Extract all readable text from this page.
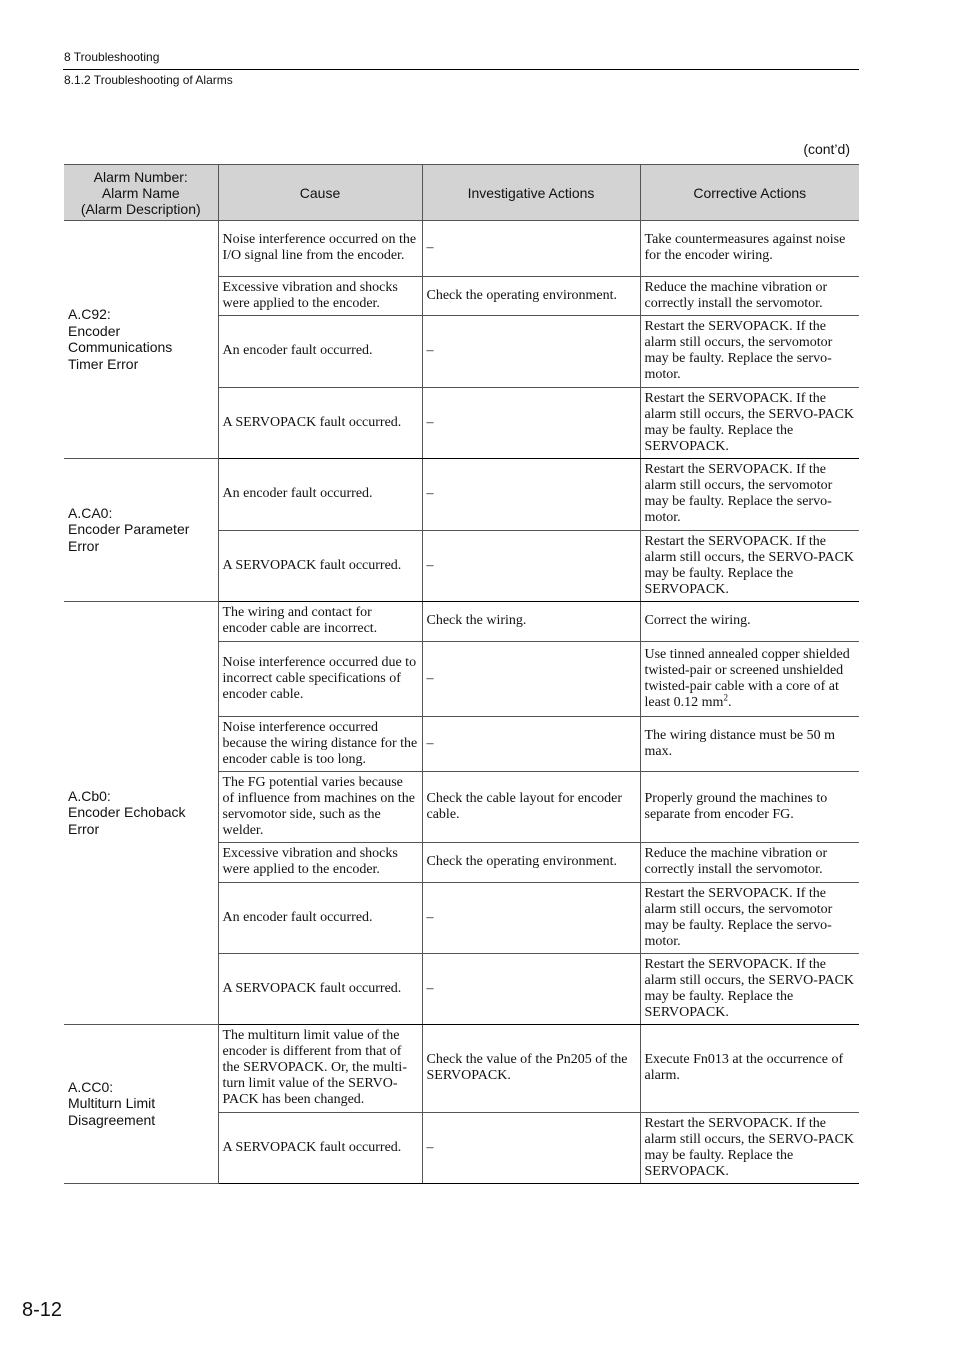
8 Troubleshooting
8.1.2 Troubleshooting of Alarms
(cont’d)
Alarm Number:
Alarm Name
(Alarm Description)	Cause	Investigative Actions	Corrective Actions

A.C92:
Encoder
Communications
Timer Error	Noise interference occurred on the I/O signal line from the encoder.	–	Take countermeasures against noise for the encoder wiring.
	Excessive vibration and shocks were applied to the encoder.	Check the operating environment.	Reduce the machine vibration or correctly install the servomotor.
	An encoder fault occurred.	–	Restart the SERVOPACK. If the alarm still occurs, the servomotor may be faulty. Replace the servo-motor.
	A SERVOPACK fault occurred.	–	Restart the SERVOPACK. If the alarm still occurs, the SERVO-PACK may be faulty. Replace the SERVOPACK.

A.CA0:
Encoder Parameter
Error	An encoder fault occurred.	–	Restart the SERVOPACK. If the alarm still occurs, the servomotor may be faulty. Replace the servo-motor.
	A SERVOPACK fault occurred.	–	Restart the SERVOPACK. If the alarm still occurs, the SERVO-PACK may be faulty. Replace the SERVOPACK.

A.Cb0:
Encoder Echoback
Error	The wiring and contact for encoder cable are incorrect.	Check the wiring.	Correct the wiring.
	Noise interference occurred due to incorrect cable specifications of encoder cable.	–	Use tinned annealed copper shielded twisted-pair or screened unshielded twisted-pair cable with a core of at least 0.12 $mm^2$.
	Noise interference occurred because the wiring distance for the encoder cable is too long.	–	The wiring distance must be 50 m max.
	The FG potential varies because of influence from machines on the servomotor side, such as the welder.	Check the cable layout for encoder cable.	Properly ground the machines to separate from encoder FG.
	Excessive vibration and shocks were applied to the encoder.	Check the operating environment.	Reduce the machine vibration or correctly install the servomotor.
	An encoder fault occurred.	–	Restart the SERVOPACK. If the alarm still occurs, the servomotor may be faulty. Replace the servo-motor.
	A SERVOPACK fault occurred.	–	Restart the SERVOPACK. If the alarm still occurs, the SERVO-PACK may be faulty. Replace the SERVOPACK.

A.CC0:
Multiturn Limit
Disagreement	The multiturn limit value of the encoder is different from that of the SERVOPACK. Or, the multi-turn limit value of the SERVO-PACK has been changed.	Check the value of the Pn205 of the SERVOPACK.	Execute Fn013 at the occurrence of alarm.
	A SERVOPACK fault occurred.	–	Restart the SERVOPACK. If the alarm still occurs, the SERVO-PACK may be faulty. Replace the SERVOPACK.
8-12
